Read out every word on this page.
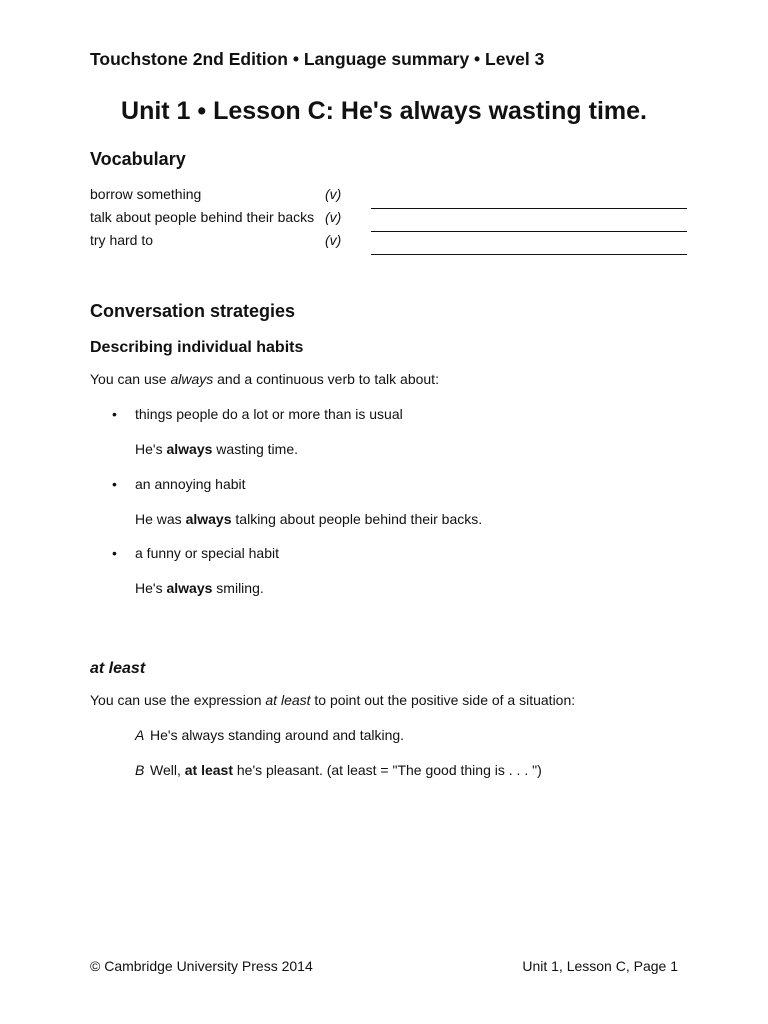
Touchstone 2nd Edition • Language summary • Level 3
Unit 1 • Lesson C: He's always wasting time.
Vocabulary
borrow something	(v)
talk about people behind their backs (v)
try hard to	(v)
Conversation strategies
Describing individual habits
You can use always and a continuous verb to talk about:
• things people do a lot or more than is usual
He's always wasting time.
• an annoying habit
He was always talking about people behind their backs.
• a funny or special habit
He's always smiling.
at least
You can use the expression at least to point out the positive side of a situation:
A He's always standing around and talking.
B Well, at least he's pleasant. (at least = "The good thing is . . . ")
© Cambridge University Press 2014	Unit 1, Lesson C, Page 1
